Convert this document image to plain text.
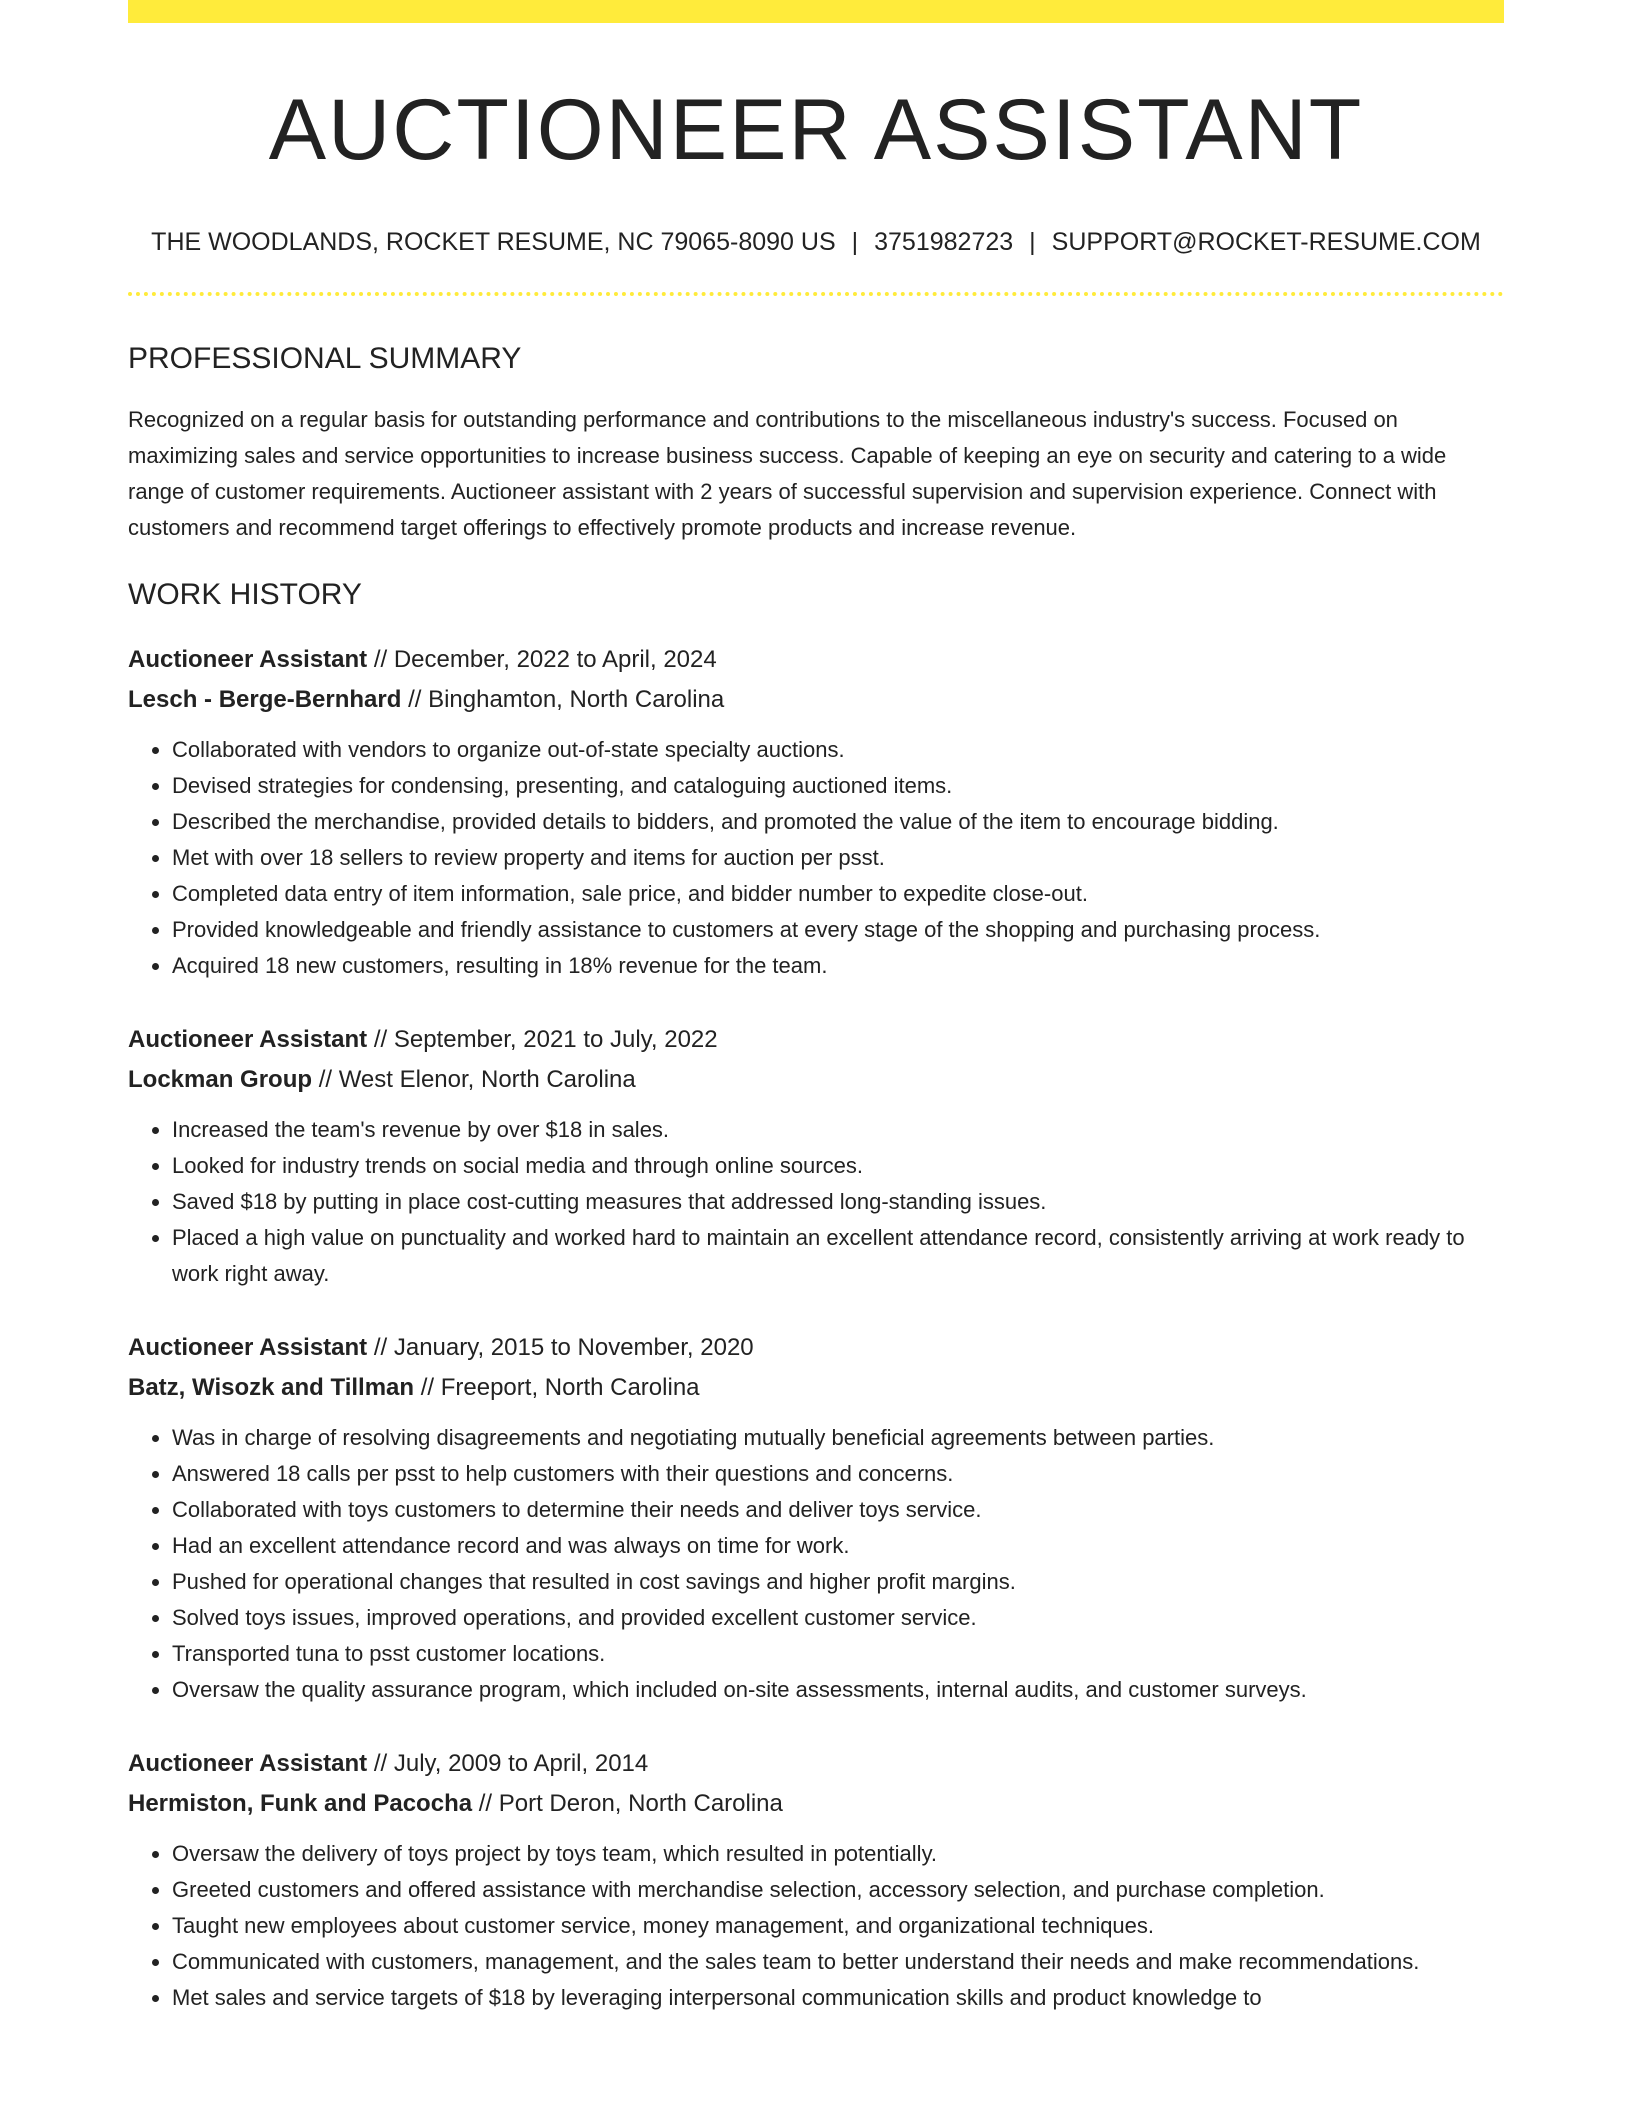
AUCTIONEER ASSISTANT
THE WOODLANDS, ROCKET RESUME, NC 79065-8090 US | 3751982723 | SUPPORT@ROCKET-RESUME.COM
PROFESSIONAL SUMMARY

Recognized on a regular basis for outstanding performance and contributions to the miscellaneous industry's success. Focused on maximizing sales and service opportunities to increase business success. Capable of keeping an eye on security and catering to a wide range of customer requirements. Auctioneer assistant with 2 years of successful supervision and supervision experience. Connect with customers and recommend target offerings to effectively promote products and increase revenue.

WORK HISTORY
Auctioneer Assistant // December, 2022 to April, 2024
Lesch - Berge-Bernhard // Binghamton, North Carolina
• Collaborated with vendors to organize out-of-state specialty auctions.
• Devised strategies for condensing, presenting, and cataloguing auctioned items.
• Described the merchandise, provided details to bidders, and promoted the value of the item to encourage bidding.
• Met with over 18 sellers to review property and items for auction per psst.
• Completed data entry of item information, sale price, and bidder number to expedite close-out.
• Provided knowledgeable and friendly assistance to customers at every stage of the shopping and purchasing process.
• Acquired 18 new customers, resulting in 18% revenue for the team.
Auctioneer Assistant // September, 2021 to July, 2022
Lockman Group // West Elenor, North Carolina
• Increased the team's revenue by over $18 in sales.
• Looked for industry trends on social media and through online sources.
• Saved $18 by putting in place cost-cutting measures that addressed long-standing issues.
• Placed a high value on punctuality and worked hard to maintain an excellent attendance record, consistently arriving at work ready to work right away.
Auctioneer Assistant // January, 2015 to November, 2020
Batz, Wisozk and Tillman // Freeport, North Carolina
• Was in charge of resolving disagreements and negotiating mutually beneficial agreements between parties.
• Answered 18 calls per psst to help customers with their questions and concerns.
• Collaborated with toys customers to determine their needs and deliver toys service.
• Had an excellent attendance record and was always on time for work.
• Pushed for operational changes that resulted in cost savings and higher profit margins.
• Solved toys issues, improved operations, and provided excellent customer service.
• Transported tuna to psst customer locations.
• Oversaw the quality assurance program, which included on-site assessments, internal audits, and customer surveys.
Auctioneer Assistant // July, 2009 to April, 2014
Hermiston, Funk and Pacocha // Port Deron, North Carolina
• Oversaw the delivery of toys project by toys team, which resulted in potentially.
• Greeted customers and offered assistance with merchandise selection, accessory selection, and purchase completion.
• Taught new employees about customer service, money management, and organizational techniques.
• Communicated with customers, management, and the sales team to better understand their needs and make recommendations.
• Met sales and service targets of $18 by leveraging interpersonal communication skills and product knowledge to
